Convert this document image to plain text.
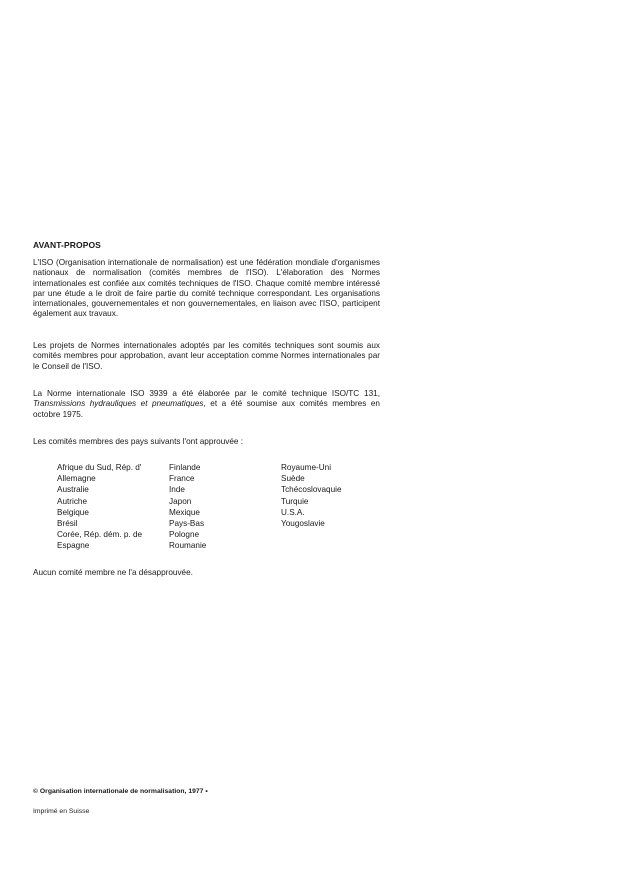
AVANT-PROPOS

L'ISO (Organisation internationale de normalisation) est une fédération mondiale d'organismes nationaux de normalisation (comités membres de l'ISO). L'élaboration des Normes internationales est confiée aux comités techniques de l'ISO. Chaque comité membre intéressé par une étude a le droit de faire partie du comité technique correspondant. Les organisations internationales, gouvernementales et non gouvernementales, en liaison avec l'ISO, participent également aux travaux.

Les projets de Normes internationales adoptés par les comités techniques sont soumis aux comités membres pour approbation, avant leur acceptation comme Normes internationales par le Conseil de l'ISO.

La Norme internationale ISO 3939 a été élaborée par le comité technique ISO/TC 131, Transmissions hydrauliques et pneumatiques, et a été soumise aux comités membres en octobre 1975.

Les comités membres des pays suivants l'ont approuvée :

Afrique du Sud, Rép. d'
Allemagne
Australie
Autriche
Belgique
Brésil
Corée, Rép. dém. p. de
Espagne
Finlande
France
Inde
Japon
Mexique
Pays-Bas
Pologne
Roumanie
Royaume-Uni
Suède
Tchécoslovaquie
Turquie
U.S.A.
Yougoslavie

Aucun comité membre ne l'a désapprouvée.

© Organisation internationale de normalisation, 1977 •
Imprimé en Suisse
